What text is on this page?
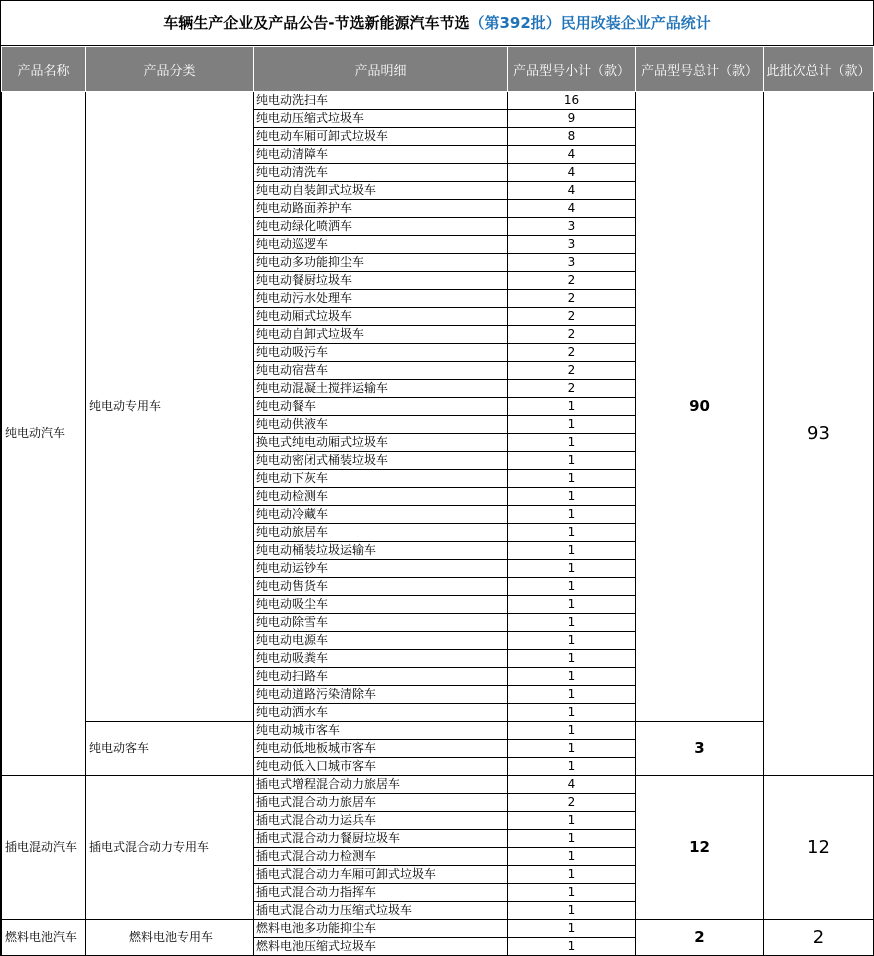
车辆生产企业及产品公告-节选新能源汽车节选（第392批）民用改装企业产品统计
产品名称	产品分类	产品明细	产品型号小计（款）	产品型号总计（款）	此批次总计（款）
纯电动汽车	纯电动专用车	纯电动洗扫车	16	90	93
		纯电动压缩式垃圾车	9		
		纯电动车厢可卸式垃圾车	8		
		纯电动清障车	4		
		纯电动清洗车	4		
		纯电动自装卸式垃圾车	4		
		纯电动路面养护车	4		
		纯电动绿化喷洒车	3		
		纯电动巡逻车	3		
		纯电动多功能抑尘车	3		
		纯电动餐厨垃圾车	2		
		纯电动污水处理车	2		
		纯电动厢式垃圾车	2		
		纯电动自卸式垃圾车	2		
		纯电动吸污车	2		
		纯电动宿营车	2		
		纯电动混凝土搅拌运输车	2		
		纯电动餐车	1		
		纯电动供液车	1		
		换电式纯电动厢式垃圾车	1		
		纯电动密闭式桶装垃圾车	1		
		纯电动下灰车	1		
		纯电动检测车	1		
		纯电动冷藏车	1		
		纯电动旅居车	1		
		纯电动桶装垃圾运输车	1		
		纯电动运钞车	1		
		纯电动售货车	1		
		纯电动吸尘车	1		
		纯电动除雪车	1		
		纯电动电源车	1		
		纯电动吸粪车	1		
		纯电动扫路车	1		
		纯电动道路污染清除车	1		
		纯电动洒水车	1		
	纯电动客车	纯电动城市客车	1	3	
		纯电动低地板城市客车	1		
		纯电动低入口城市客车	1		
插电混动汽车	插电式混合动力专用车	插电式增程混合动力旅居车	4	12	12
		插电式混合动力旅居车	2		
		插电式混合动力运兵车	1		
		插电式混合动力餐厨垃圾车	1		
		插电式混合动力检测车	1		
		插电式混合动力车厢可卸式垃圾车	1		
		插电式混合动力指挥车	1		
		插电式混合动力压缩式垃圾车	1		
燃料电池汽车	燃料电池专用车	燃料电池多功能抑尘车	1	2	2
		燃料电池压缩式垃圾车	1		
